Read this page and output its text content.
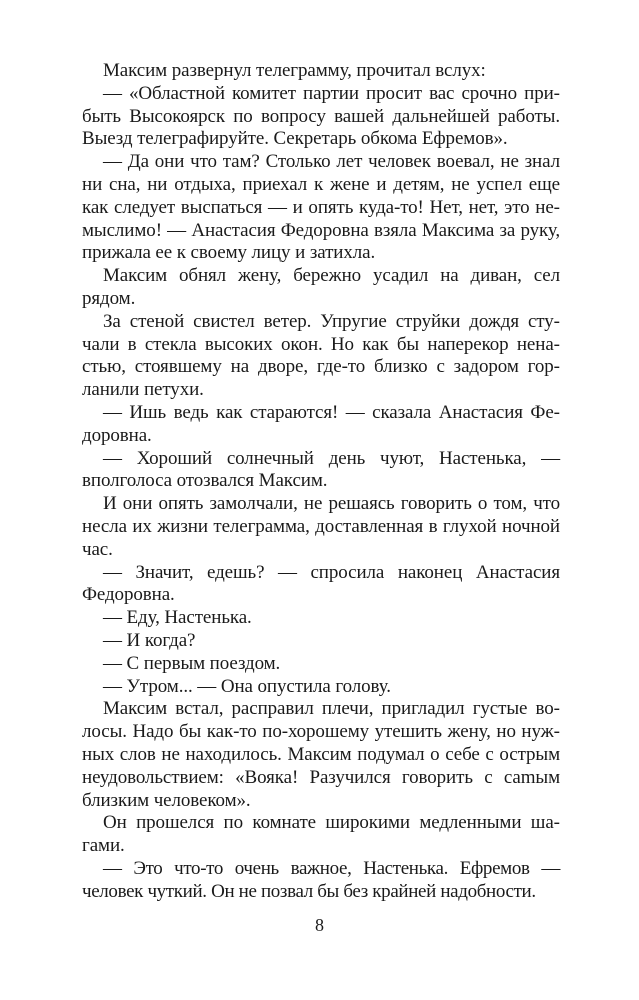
Максим развернул телеграмму, прочитал вслух:

— «Областной комитет партии просит вас срочно прибыть Высокоярск по вопросу вашей дальнейшей работы. Выезд телеграфируйте. Секретарь обкома Ефремов».

— Да они что там? Столько лет человек воевал, не знал ни сна, ни отдыха, приехал к жене и детям, не успел еще как следует выспаться — и опять куда-то! Нет, нет, это немыслимо! — Анастасия Федоровна взяла Максима за руку, прижала ее к своему лицу и затихла.

Максим обнял жену, бережно усадил на диван, сел рядом.

За стеной свистел ветер. Упругие струйки дождя стучали в стекла высоких окон. Но как бы наперекор ненастью, стоявшему на дворе, где-то близко с задором горланили петухи.

— Ишь ведь как стараются! — сказала Анастасия Федоровна.

— Хороший солнечный день чуют, Настенька, — вполголоса отозвался Максим.

И они опять замолчали, не решаясь говорить о том, что несла их жизни телеграмма, доставленная в глухой ночной час.

— Значит, едешь? — спросила наконец Анастасия Федоровна.

— Еду, Настенька.

— И когда?

— С первым поездом.

— Утром... — Она опустила голову.

Максим встал, расправил плечи, пригладил густые волосы. Надо бы как-то по-хорошему утешить жену, но нужных слов не находилось. Максим подумал о себе с острым неудовольствием: «Вояка! Разучился говорить с саmым близким человеком».

Он прошелся по комнате широкими медленными шагами.

— Это что-то очень важное, Настенька. Ефремов — человек чуткий. Он не позвал бы без крайней надобности.

8
